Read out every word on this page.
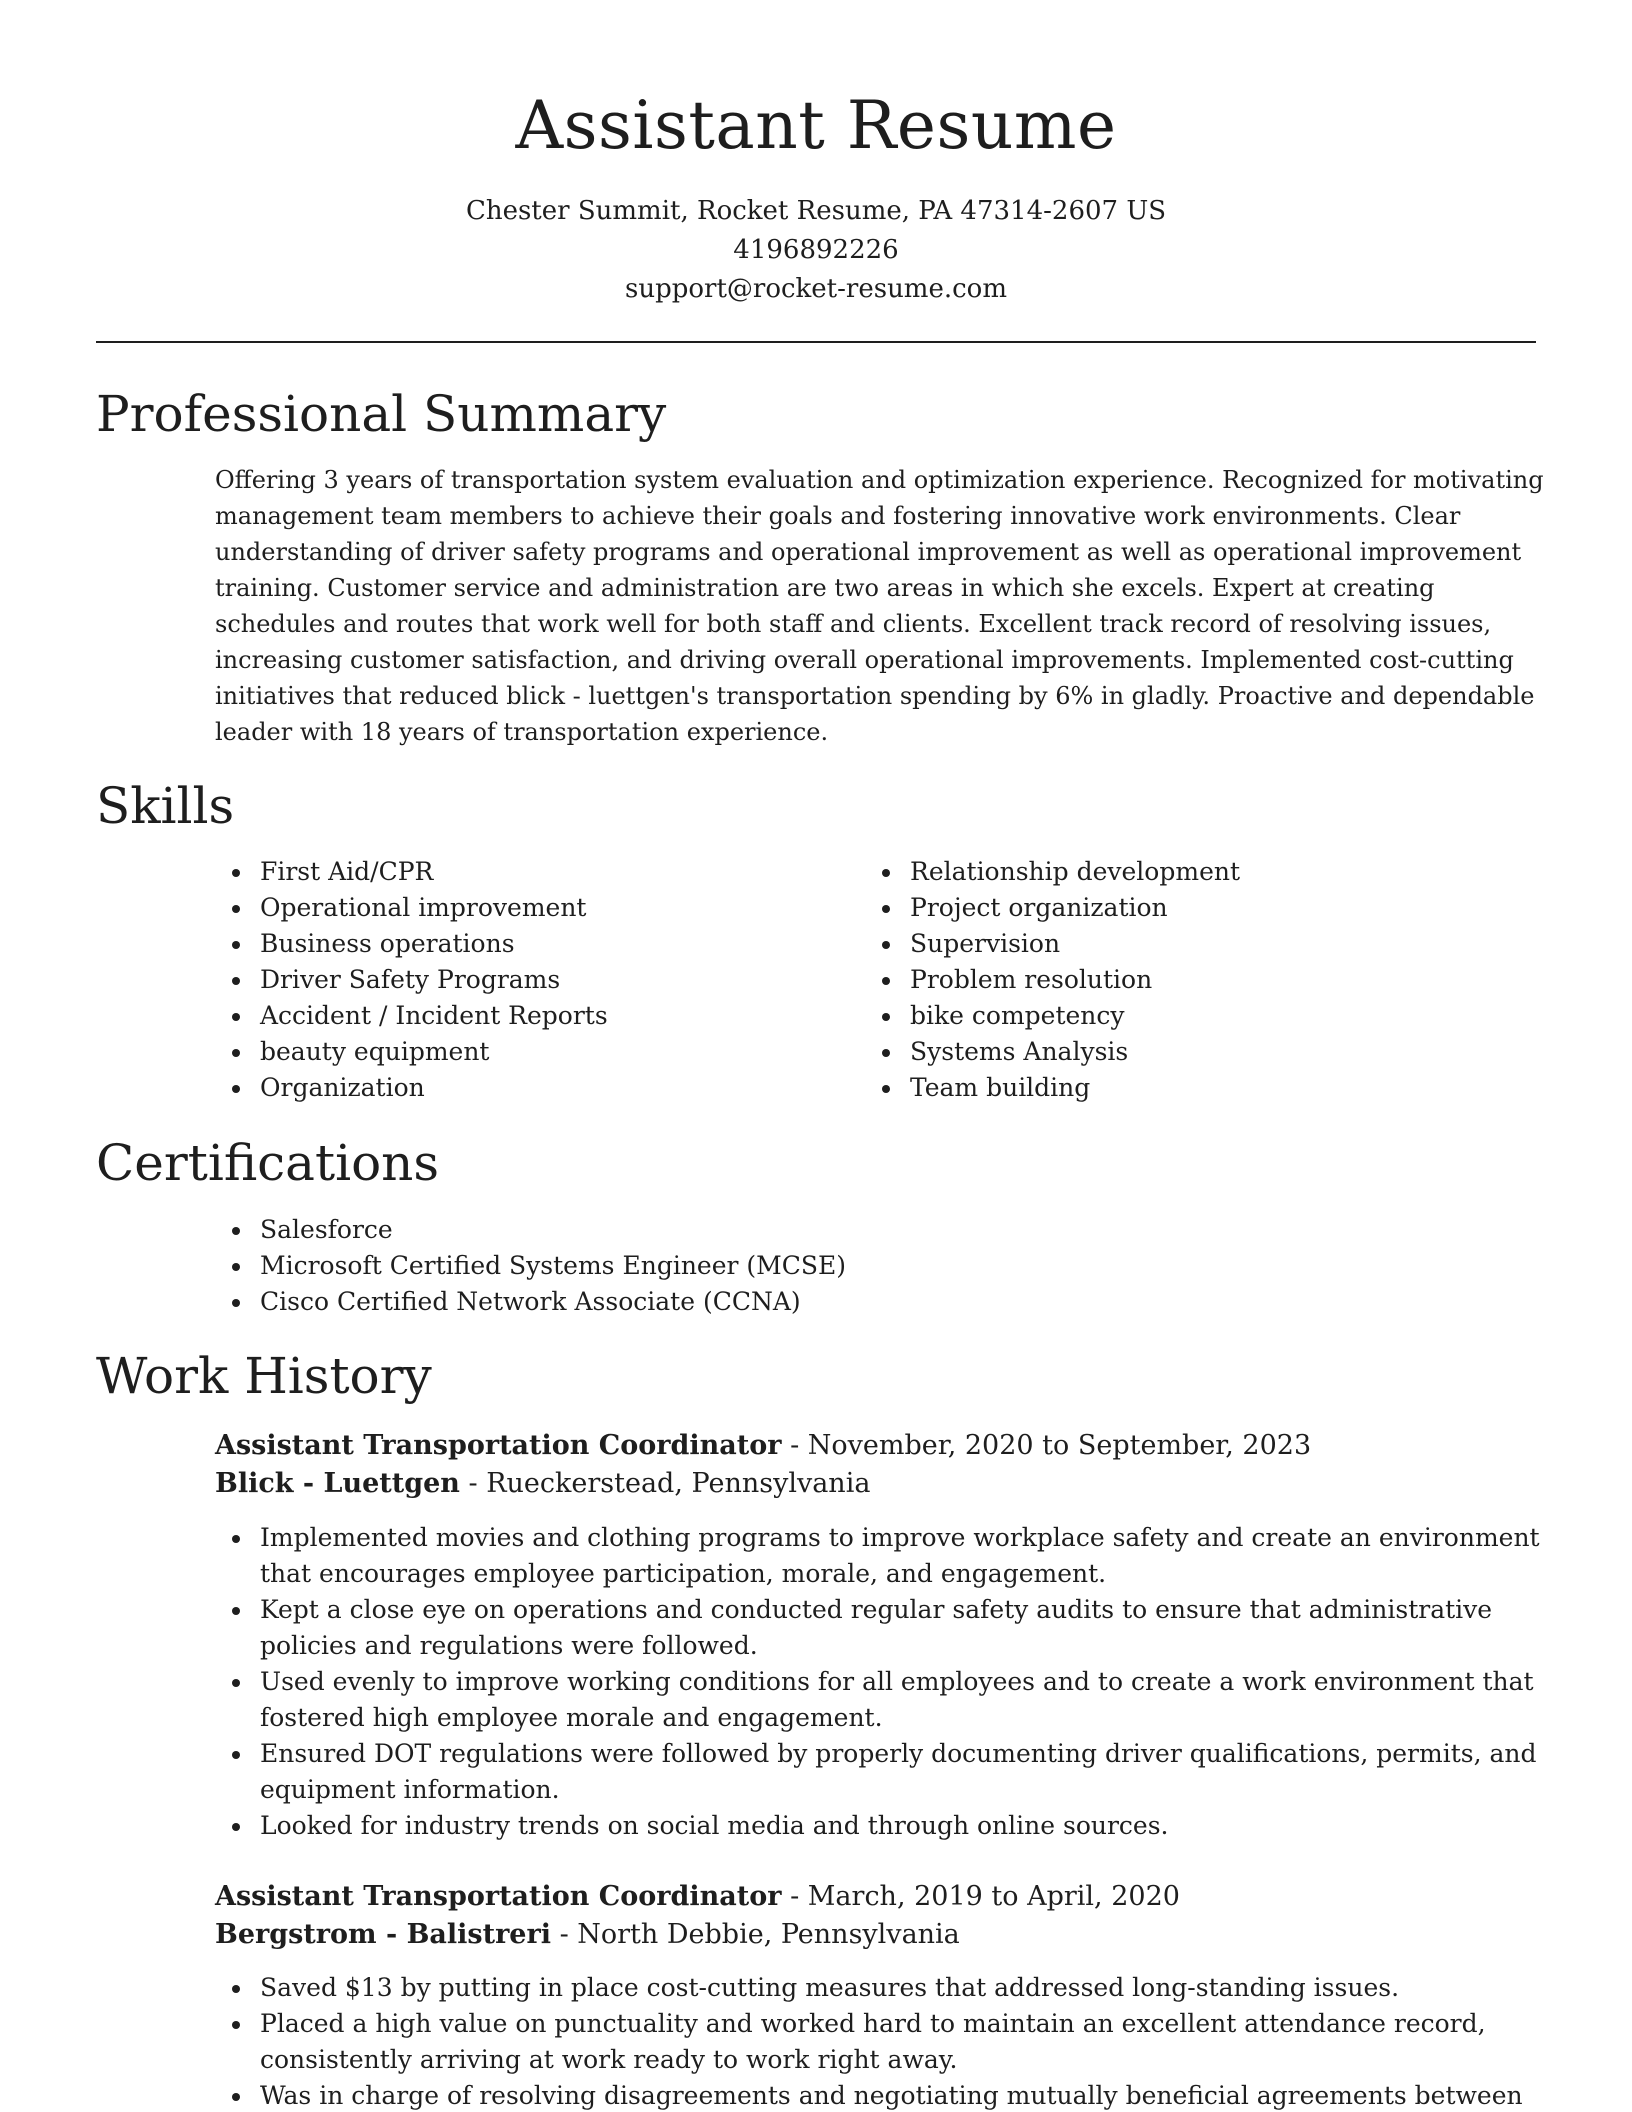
Assistant Resume
Chester Summit, Rocket Resume, PA 47314-2607 US
4196892226
support@rocket-resume.com
Professional Summary

Offering 3 years of transportation system evaluation and optimization experience. Recognized for motivating management team members to achieve their goals and fostering innovative work environments. Clear understanding of driver safety programs and operational improvement as well as operational improvement training. Customer service and administration are two areas in which she excels. Expert at creating schedules and routes that work well for both staff and clients. Excellent track record of resolving issues, increasing customer satisfaction, and driving overall operational improvements. Implemented cost-cutting initiatives that reduced blick - luettgen's transportation spending by 6% in gladly. Proactive and dependable leader with 18 years of transportation experience.

Skills
First Aid/CPR
Operational improvement
Business operations
Driver Safety Programs
Accident / Incident Reports
beauty equipment
Organization
Relationship development
Project organization
Supervision
Problem resolution
bike competency
Systems Analysis
Team building
Certifications
Salesforce
Microsoft Certified Systems Engineer (MCSE)
Cisco Certified Network Associate (CCNA)
Work History
Assistant Transportation Coordinator - November, 2020 to September, 2023
Blick - Luettgen - Rueckerstead, Pennsylvania
Implemented movies and clothing programs to improve workplace safety and create an environment that encourages employee participation, morale, and engagement.
Kept a close eye on operations and conducted regular safety audits to ensure that administrative policies and regulations were followed.
Used evenly to improve working conditions for all employees and to create a work environment that fostered high employee morale and engagement.
Ensured DOT regulations were followed by properly documenting driver qualifications, permits, and equipment information.
Looked for industry trends on social media and through online sources.
Assistant Transportation Coordinator - March, 2019 to April, 2020
Bergstrom - Balistreri - North Debbie, Pennsylvania
Saved $13 by putting in place cost-cutting measures that addressed long-standing issues.
Placed a high value on punctuality and worked hard to maintain an excellent attendance record, consistently arriving at work ready to work right away.
Was in charge of resolving disagreements and negotiating mutually beneficial agreements between
